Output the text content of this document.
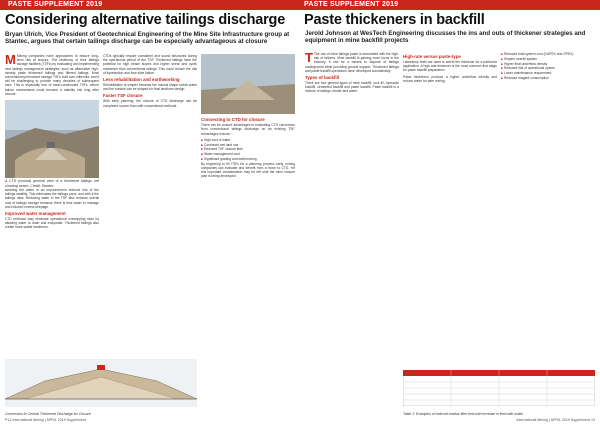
PASTE SUPPLEMENT 2019
Considering alternative tailings discharge
Bryan Ulrich, Vice President of Geotechnical Engineering of the Mine Site Infrastructure group at Stantec, argues that certain tailings discharge can be especially advantageous at closure

M Mining companies have approaches to reduce long-term risk at closure. The resiliency of their tailings storage facilities (TSFs) by evaluating and implementing new tailings management strategies, such as alternative high-density paste thickened tailings and filtered tailings. Most conventional permanent storage TSFs built over millennia, and it will be challenging to provide many decades of subsequent care. This is especially true of bank-constructed TSFs, where failure mechanisms could become a stability risk long after closure.

A CTD (conical) general view of a thickened tailings cell showing beach. Credit: Stantec

avoiding the water in an impoundment reduces risk of the tailings stability. This eliminates the tailings pond, and with it the tailings risks. Reducing water in the TSF also reduces overall cost of tailings storage because there is less water to manage and reduced excess seepage.

Improved water management

CTD methods may eliminate operational overtopping risks by allowing water to drain and evaporate. Thickened tailings also create more stable landforms.

CTDs typically require consistent and sound structures during the operational period of the TSF. Thickened tailings have the potential for high beach slopes and higher shear and cyclic resistance than conventional tailings. This could reduce the risk of liquefaction and flow slide failure.

Less rehabilitation and earthworking

Rehabilitation is simpler because the conical shape sheds water and the surface can be shaped for final landform design.

Faster TSF closure

With early planning, the closure of CTD discharge can be completed sooner than with conventional methods.

Connecting to CTD for closure

There can be closure advantages to evaluating CTD conversion from conventional tailings discharge on an existing TSF. Advantages include:

■ High cost of water
■ Continued wet land use
■ Reduced TSF closure time
■ Water management cost
■ Significant grading and earthmoving

By beginning to fill TSFs for a planning process early, mining companies can evaluate and benefit from a move to CTD. Yet this important consideration may be left until the mine closure plan is being developed.

Conversion to Central Thickened Discharge for Closure
P12 International Mining | APRIL 2019 Supplement
PASTE SUPPLEMENT 2019
Paste thickeners in backfill
Jerold Johnson at WesTech Engineering discusses the ins and outs of thickener strategies and equipment in mine backfill projects

T The use of mine tailings paste is associated with the high-risk of failures. Mine backfill is gaining more focus in the industry. It can be a means to dispose of tailings underground while providing ground support. Thickened tailings and paste backfill operations have developed considerably.

Types of backfill

There are four general types of mine backfill: rock fill, hydraulic backfill, cemented backfill and paste backfill. Paste backfill is a mixture of tailings, binder and water.

High-rate versus paste-type

Laboratory tests are used to select the thickener for a particular application. A high-rate thickener is the most common first stage for paste backfill preparation.

Paste thickeners produce a higher underflow density and reduce water for later mixing.

■ Reduced total system cost (CAPEX and OPEX)
■ Simpler overall system
■ Higher final underflow density
■ Reduced risk of operational upsets
■ Lower maintenance requirement
■ Reduced reagent consumption
Table 1: Examples of reduced residue filter time with increase in feed with solids
International Mining | APRIL 2019 Supplement 13
